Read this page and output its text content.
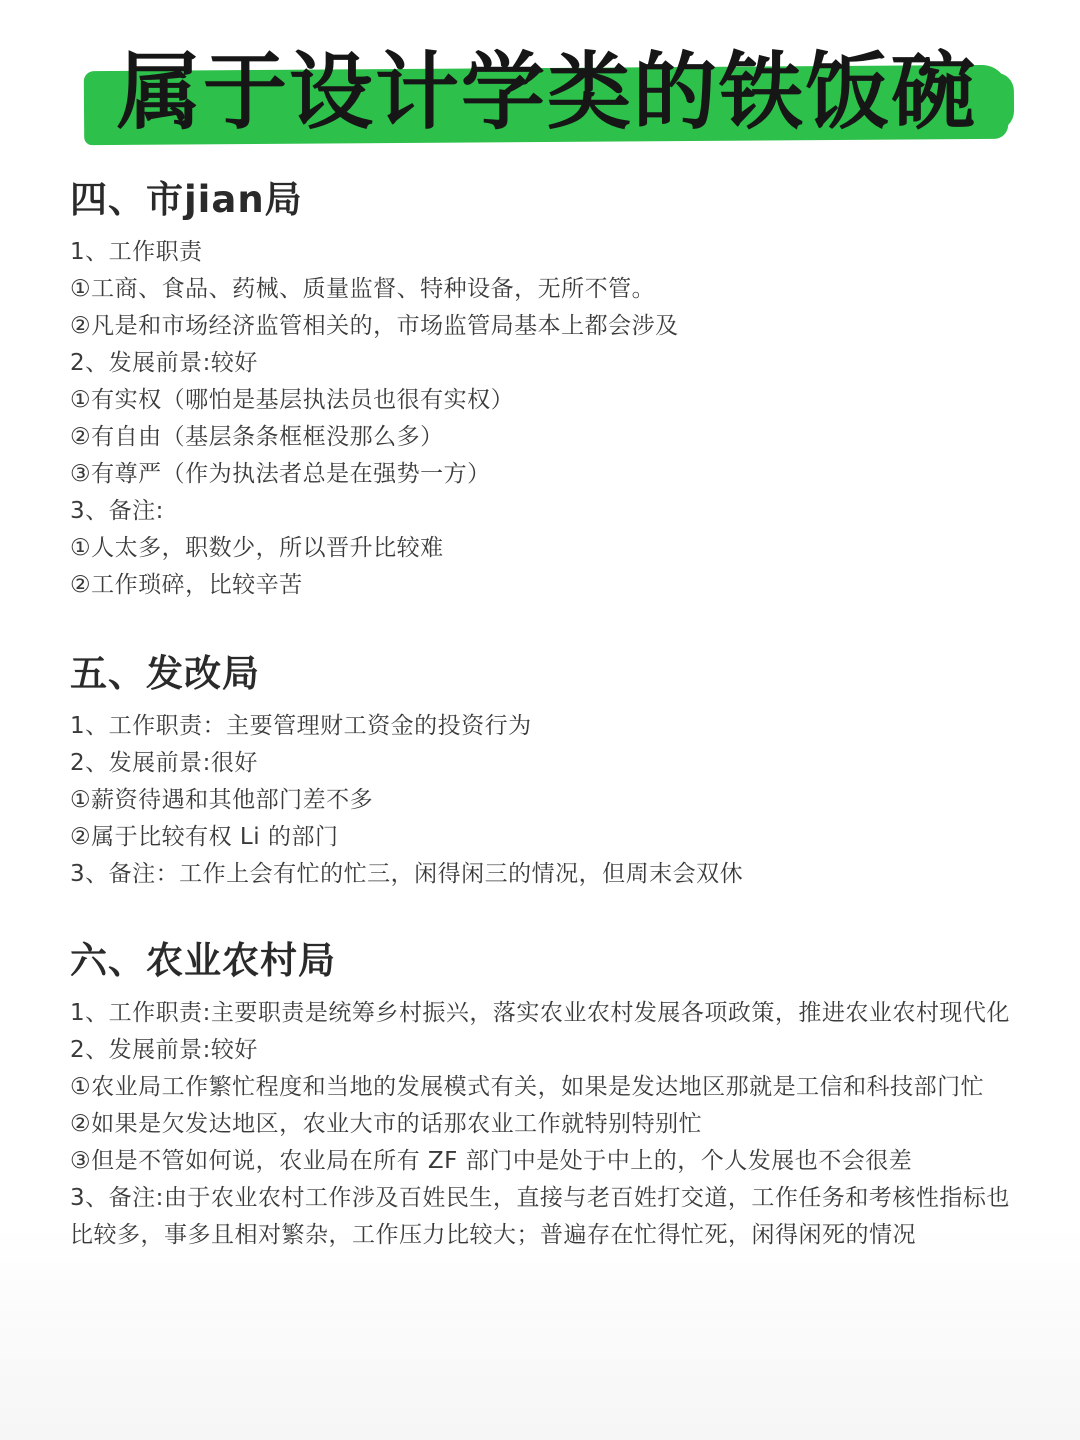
属于设计学类的铁饭碗
四、市jian局

1、工作职责

①工商、食品、药械、质量监督、特种设备，无所不管。

②凡是和市场经济监管相关的，市场监管局基本上都会涉及

2、发展前景:较好

①有实权（哪怕是基层执法员也很有实权）

②有自由（基层条条框框没那么多）

③有尊严（作为执法者总是在强势一方）

3、备注:

①人太多，职数少，所以晋升比较难

②工作琐碎，比较辛苦

五、发改局

1、工作职责：主要管理财工资金的投资行为

2、发展前景:很好

①薪资待遇和其他部门差不多

②属于比较有权 Li 的部门

3、备注：工作上会有忙的忙三，闲得闲三的情况，但周末会双休

六、农业农村局

1、工作职责:主要职责是统筹乡村振兴，落实农业农村发展各项政策，推进农业农村现代化

2、发展前景:较好

①农业局工作繁忙程度和当地的发展模式有关，如果是发达地区那就是工信和科技部门忙

②如果是欠发达地区，农业大市的话那农业工作就特别特别忙

③但是不管如何说，农业局在所有 ZF 部门中是处于中上的，个人发展也不会很差

3、备注:由于农业农村工作涉及百姓民生，直接与老百姓打交道，工作任务和考核性指标也比较多，事多且相对繁杂，工作压力比较大；普遍存在忙得忙死，闲得闲死的情况
